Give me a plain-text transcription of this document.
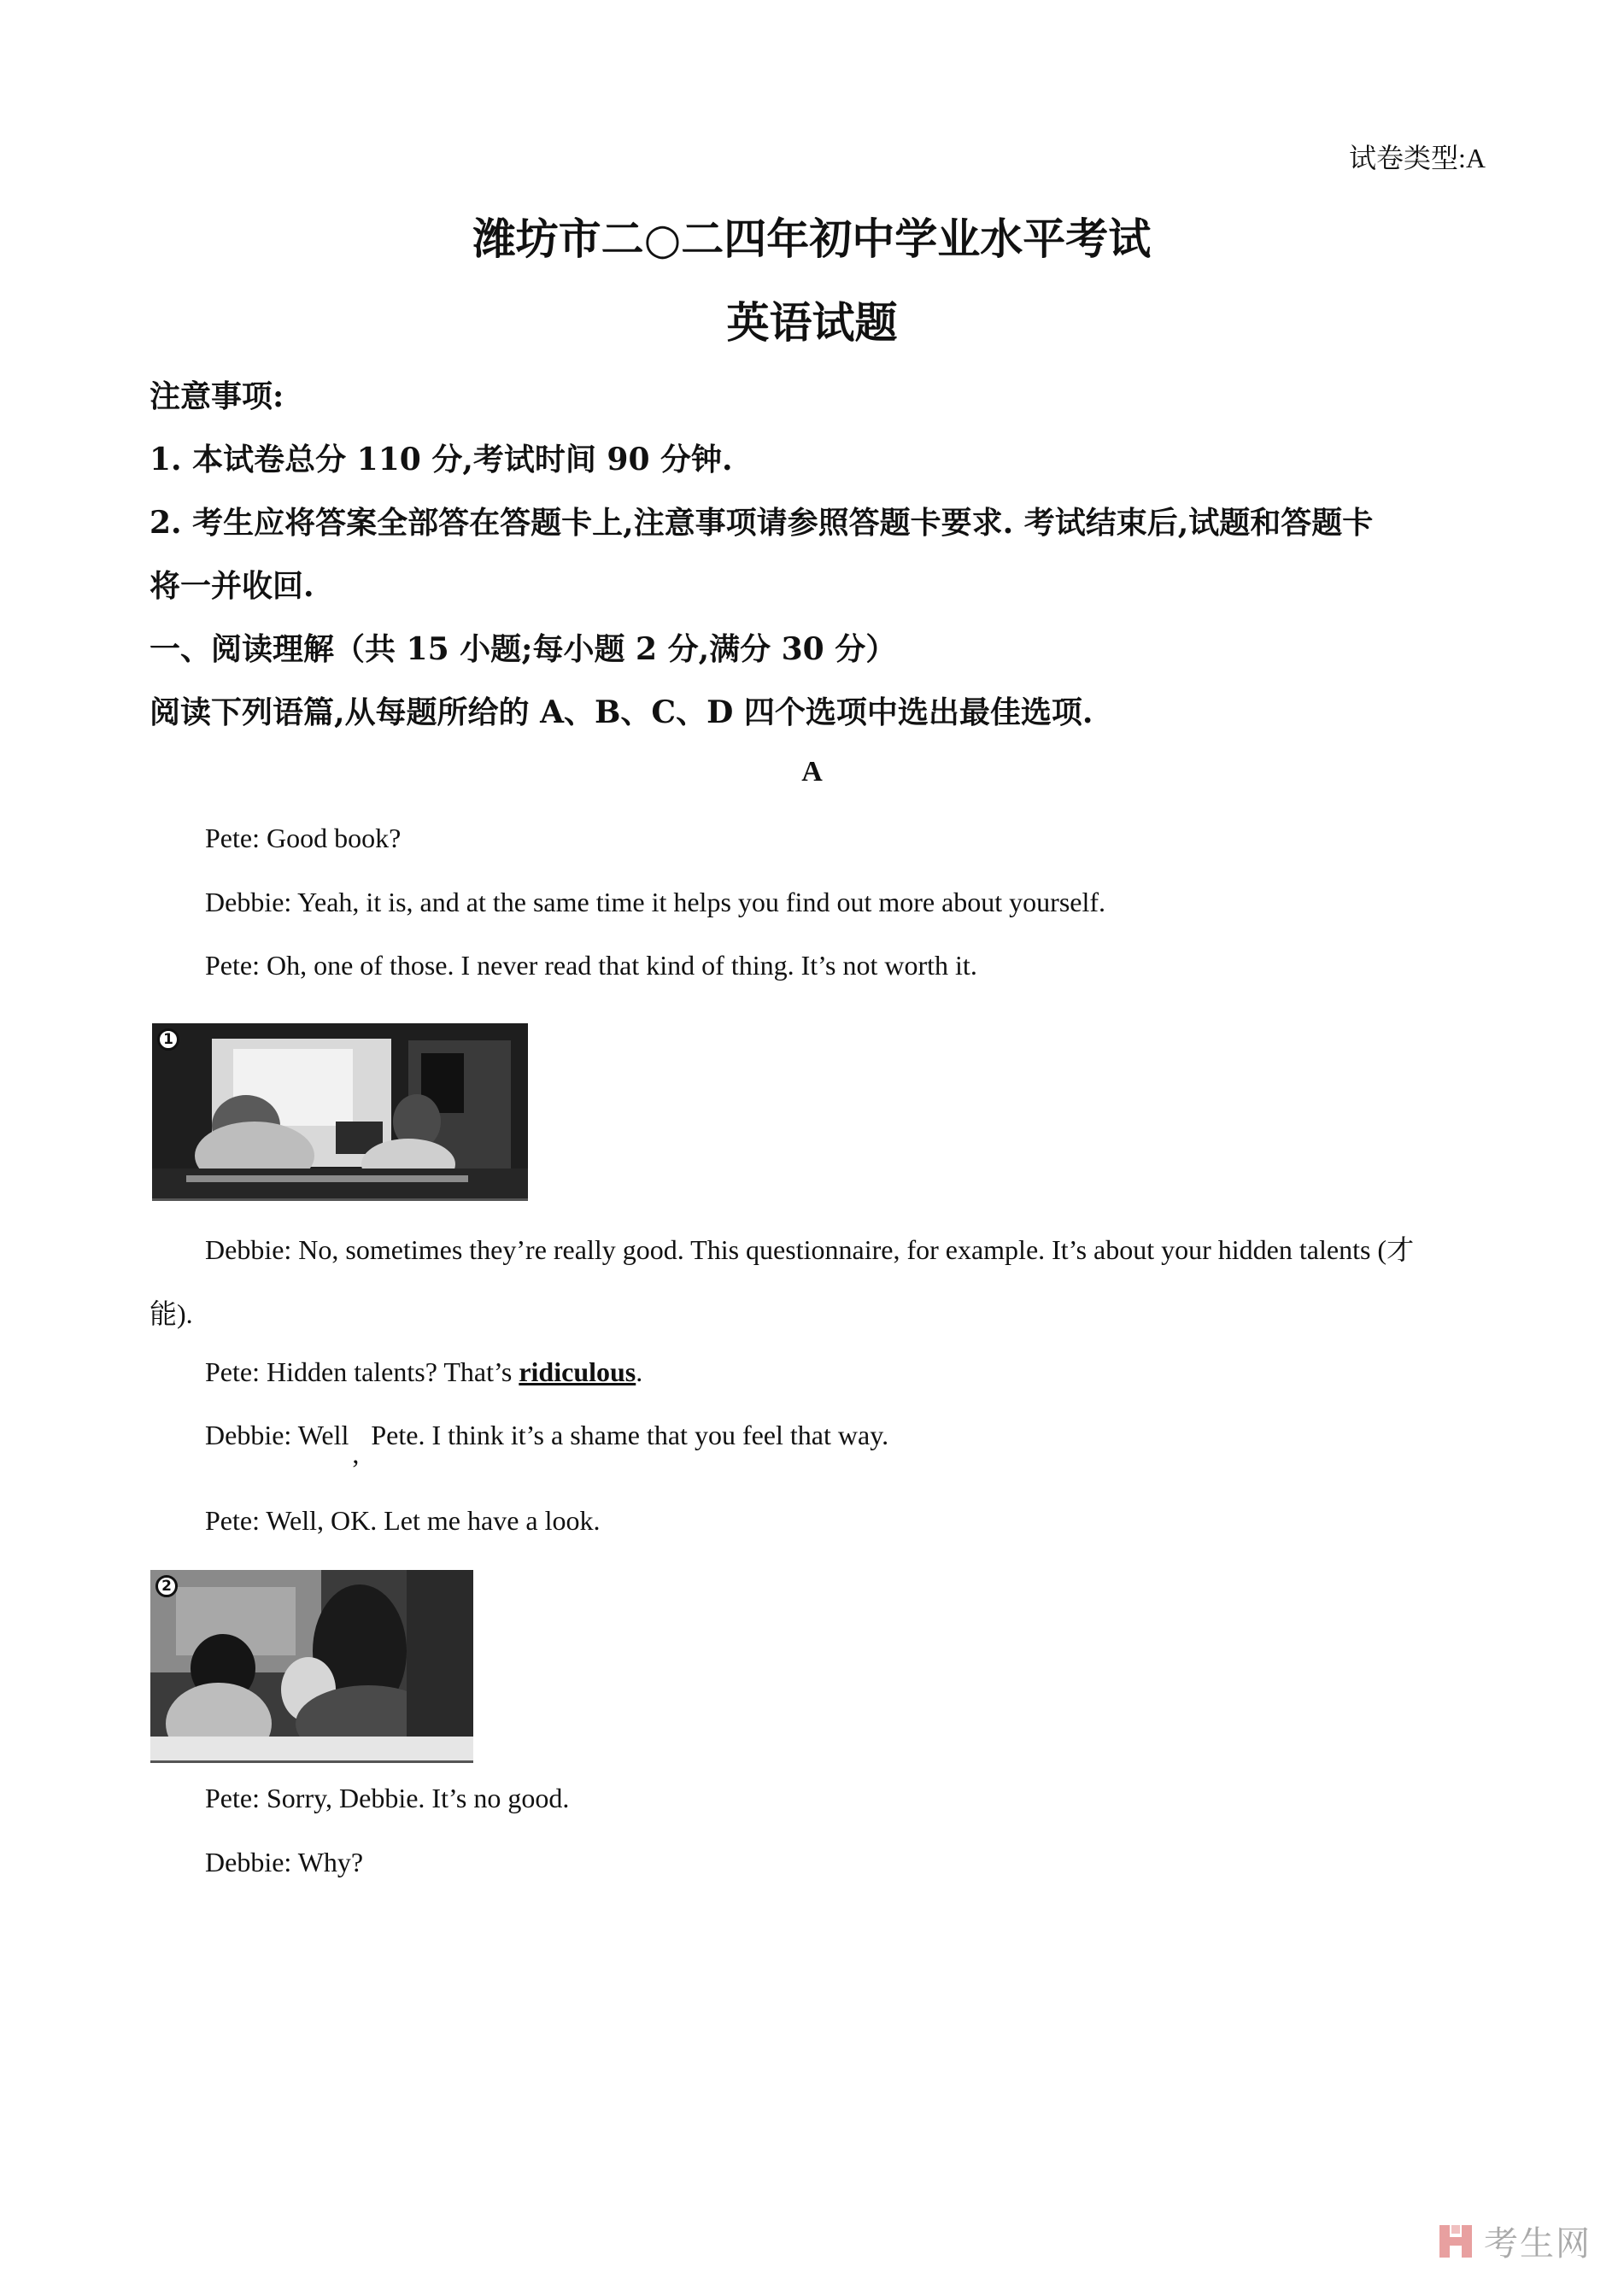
试卷类型:A
潍坊市二○二四年初中学业水平考试
英语试题
注意事项:
1. 本试卷总分 110 分,考试时间 90 分钟.
2. 考生应将答案全部答在答题卡上,注意事项请参照答题卡要求. 考试结束后,试题和答题卡
将一并收回.
一、阅读理解（共 15 小题;每小题 2 分,满分 30 分）
阅读下列语篇,从每题所给的 A、B、C、D 四个选项中选出最佳选项.
A
Pete: Good book?
Debbie: Yeah, it is, and at the same time it helps you find out more about yourself.
Pete: Oh, one of those. I never read that kind of thing. It’s not worth it.
1
Debbie: No, sometimes they’re really good. This questionnaire, for example. It’s about your hidden talents (才
能).
Pete: Hidden talents? That’s ridiculous.
Debbie: Well,Pete. I think it’s a shame that you feel that way.
Pete: Well, OK. Let me have a look.
2
Pete: Sorry, Debbie. It’s no good.
Debbie: Why?
考生网
